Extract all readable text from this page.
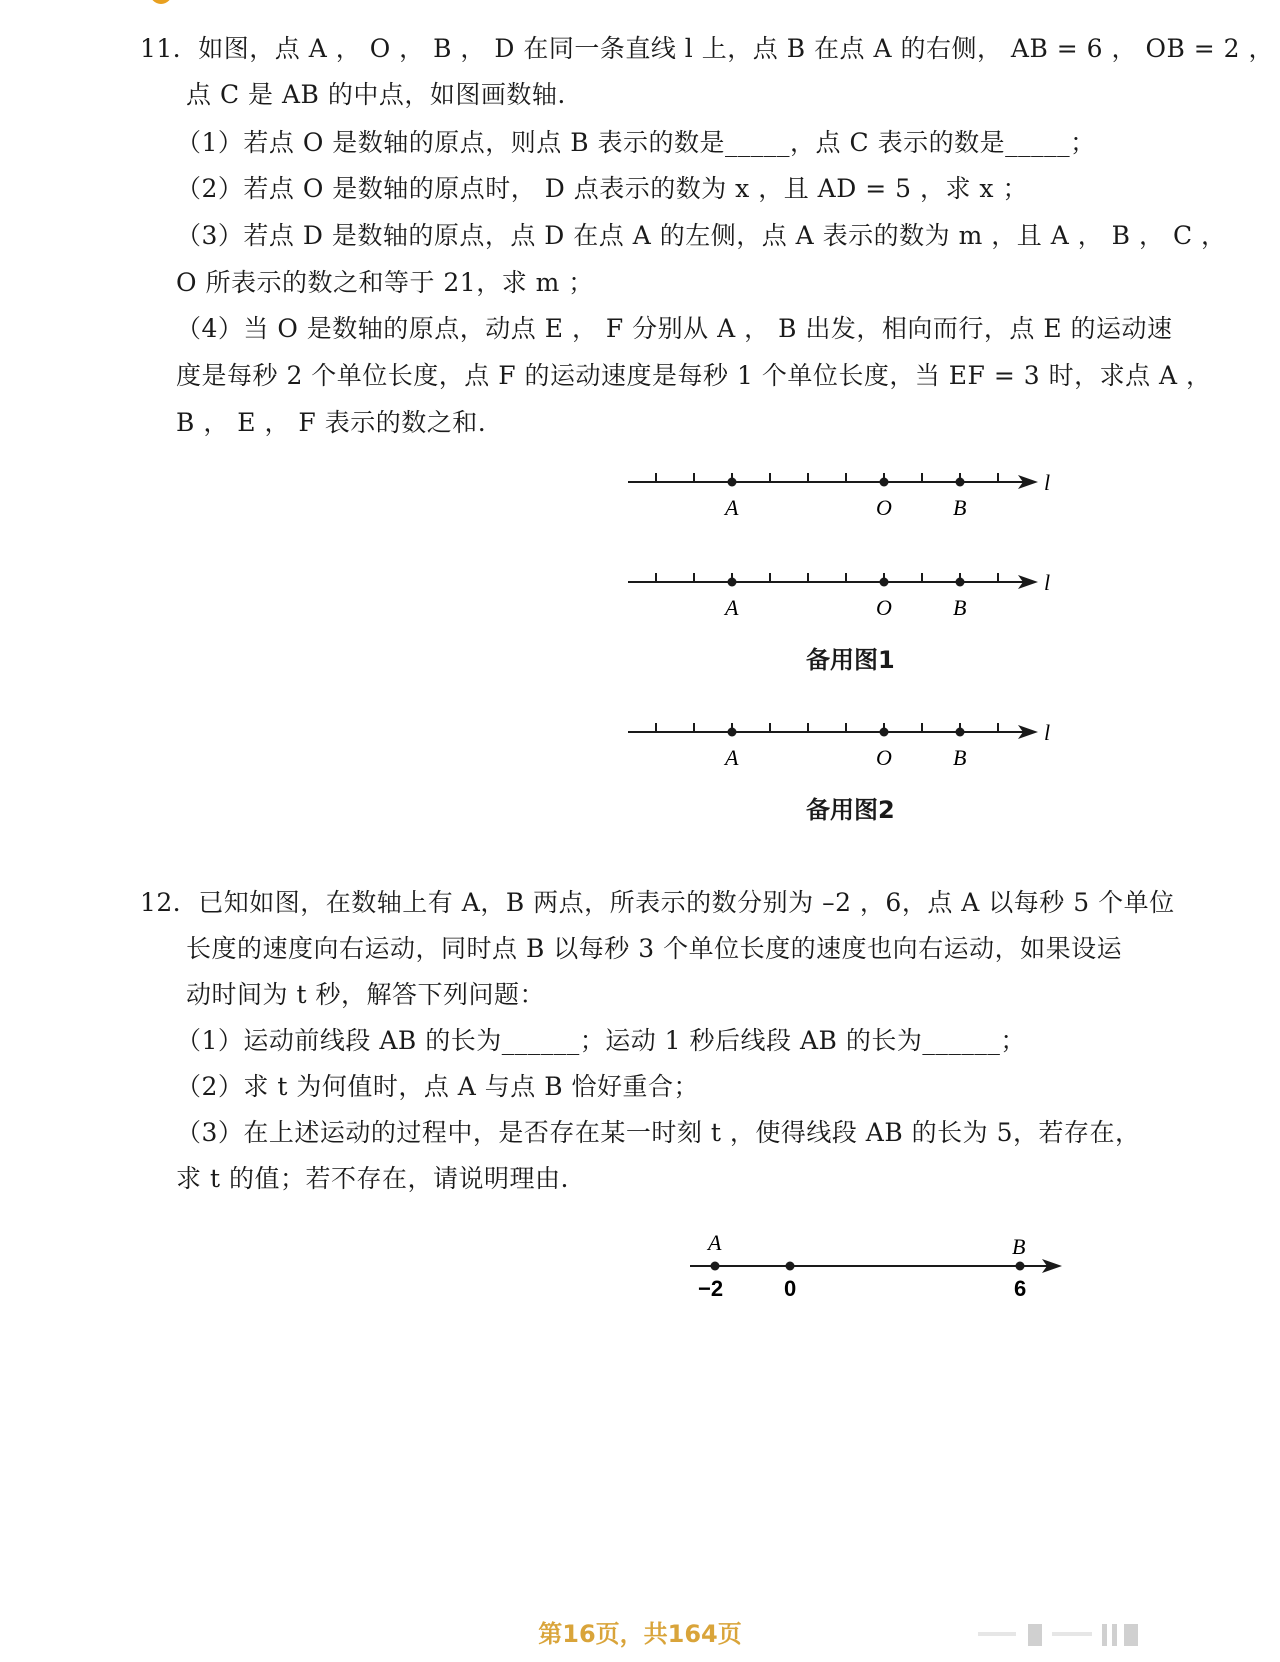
11．如图，点 A ， O ， B ， D 在同一条直线 l 上，点 B 在点 A 的右侧， AB = 6 ， OB = 2 ，
点 C 是 AB 的中点，如图画数轴.
（1）若点 O 是数轴的原点，则点 B 表示的数是_____，点 C 表示的数是_____；
（2）若点 O 是数轴的原点时， D 点表示的数为 x ，且 AD = 5 ，求 x ；
（3）若点 D 是数轴的原点，点 D 在点 A 的左侧，点 A 表示的数为 m ，且 A ， B ， C ，
O 所表示的数之和等于 21，求 m ；
（4）当 O 是数轴的原点，动点 E ， F 分别从 A ， B 出发，相向而行，点 E 的运动速
度是每秒 2 个单位长度，点 F 的运动速度是每秒 1 个单位长度，当 EF = 3 时，求点 A ，
B ， E ， F 表示的数之和.
A	O	B
l
A	O	B
l
备用图1
A	O	B
l
备用图2
12．已知如图，在数轴上有 A，B 两点，所表示的数分别为 –2 ，6，点 A 以每秒 5 个单位
长度的速度向右运动，同时点 B 以每秒 3 个单位长度的速度也向右运动，如果设运
动时间为 t 秒，解答下列问题：
（1）运动前线段 AB 的长为______；运动 1 秒后线段 AB 的长为______；
（2）求 t 为何值时，点 A 与点 B 恰好重合；
（3）在上述运动的过程中，是否存在某一时刻 t ，使得线段 AB 的长为 5，若存在，
求 t 的值；若不存在，请说明理由.
A	B
−2	0	6
第16页，共164页
